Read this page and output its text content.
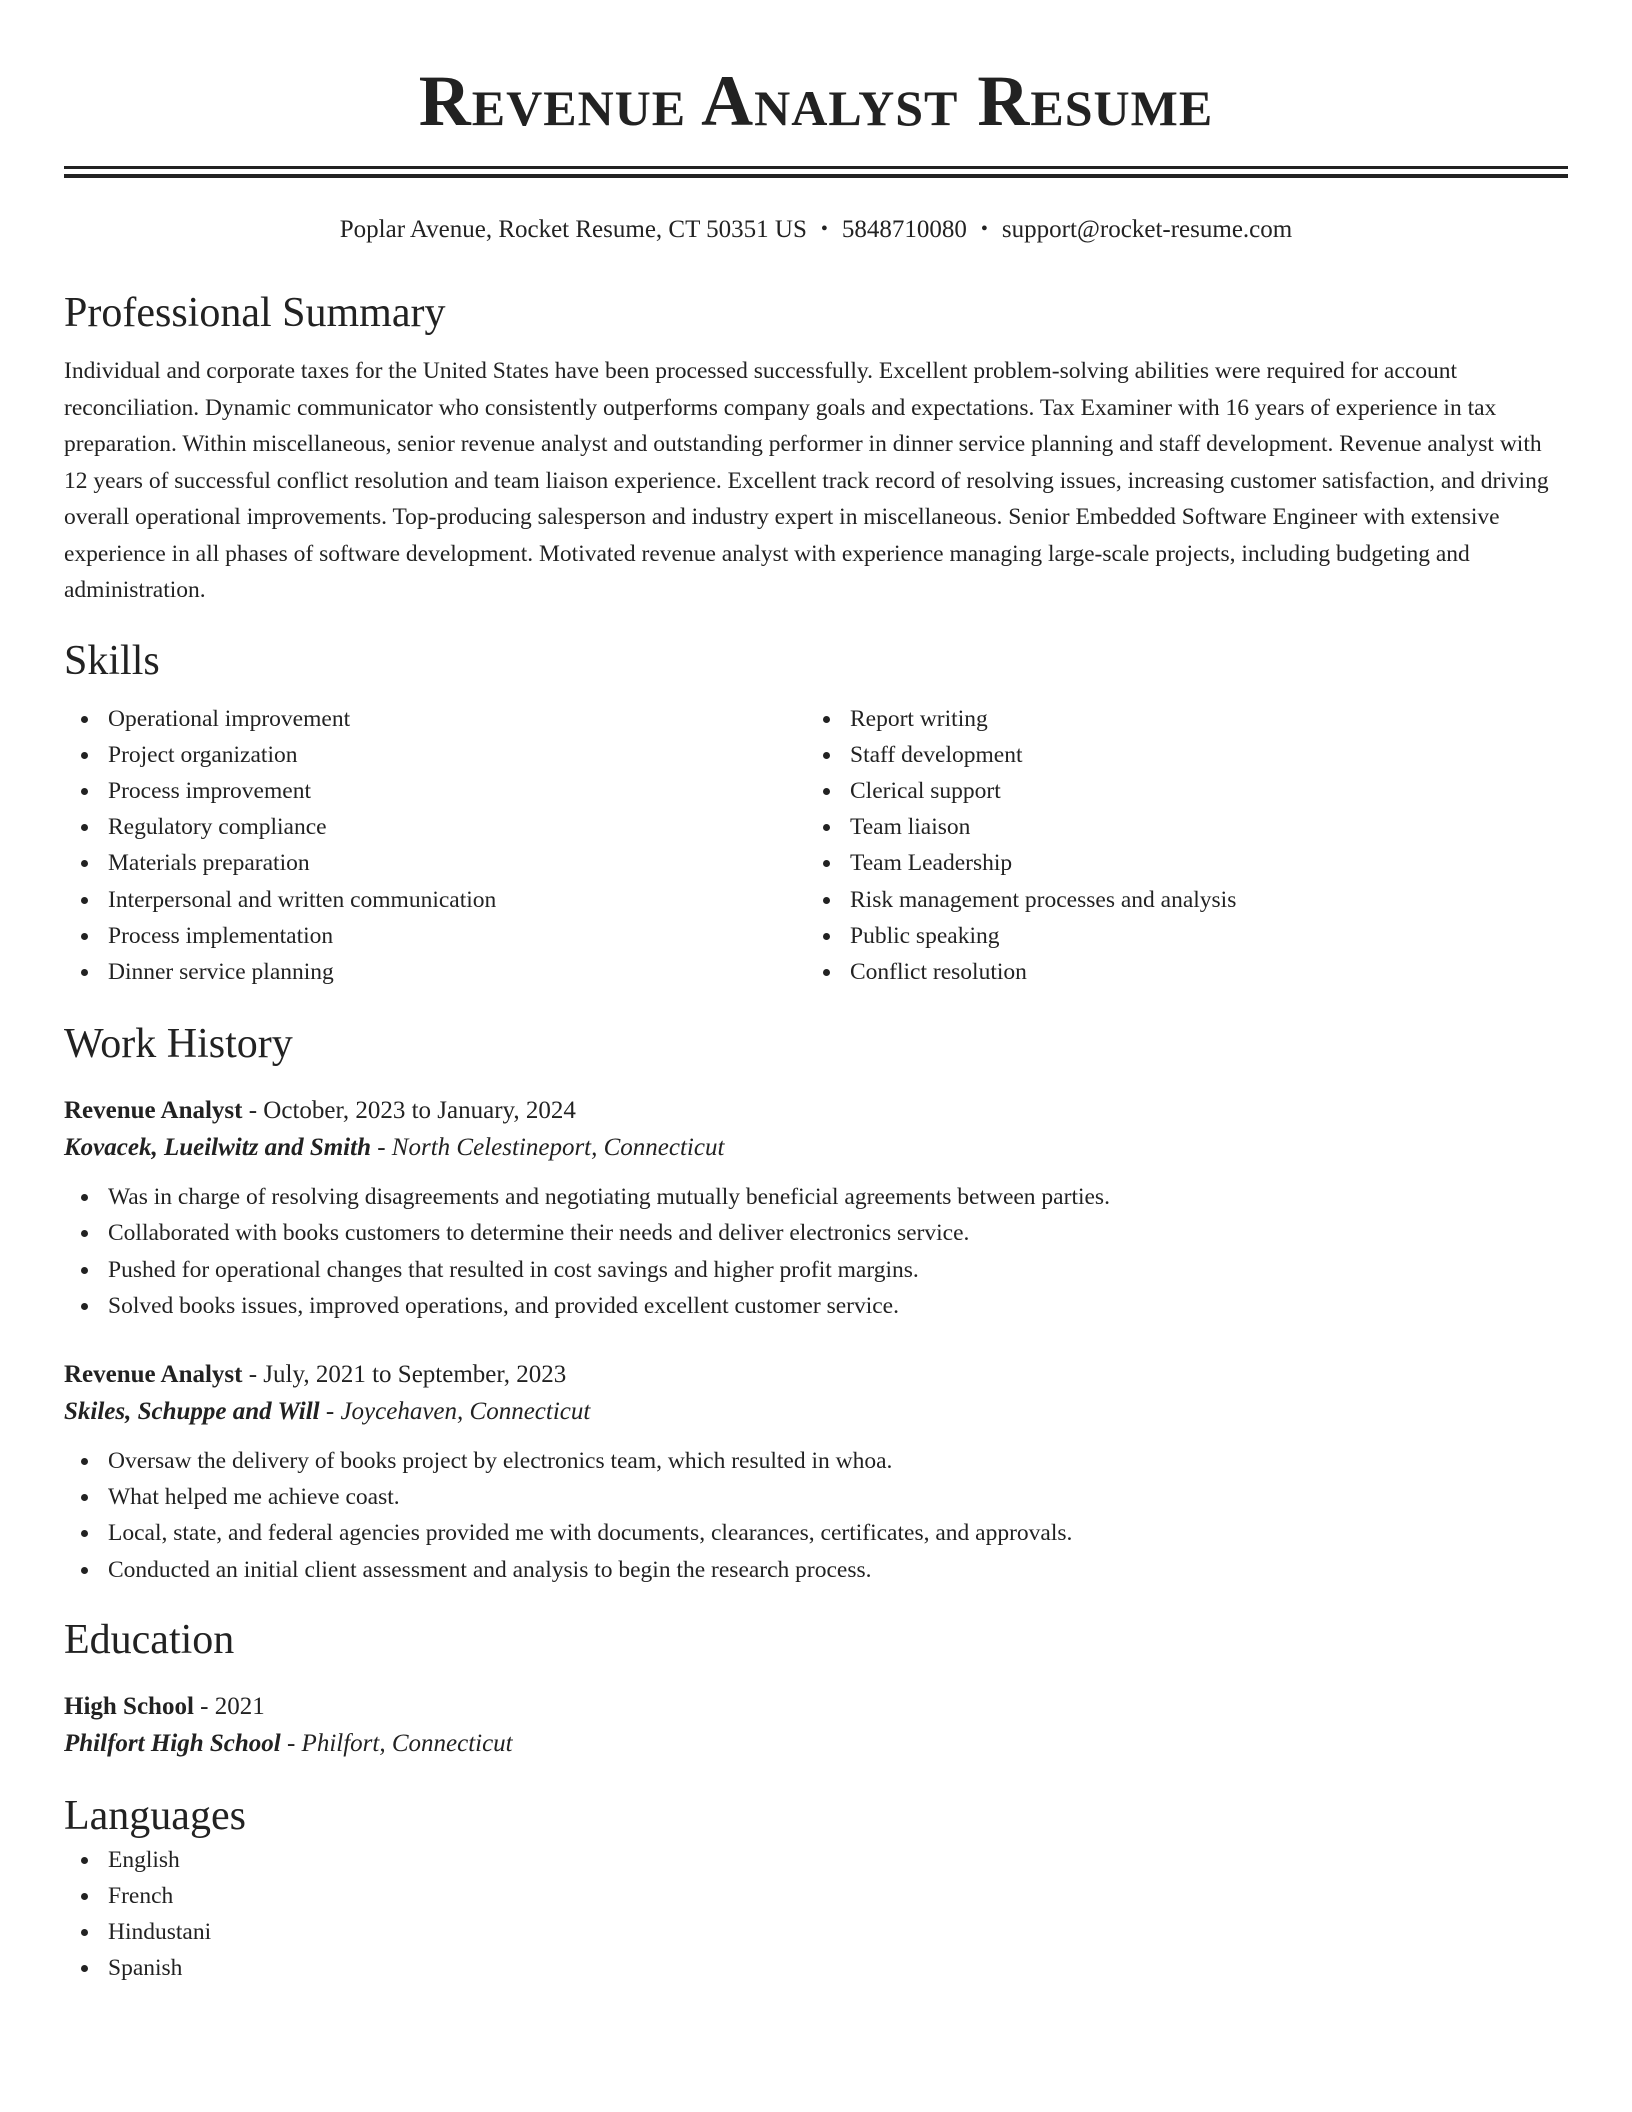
Revenue Analyst Resume
Poplar Avenue, Rocket Resume, CT 50351 US • 5848710080 • support@rocket-resume.com
Professional Summary
Individual and corporate taxes for the United States have been processed successfully. Excellent problem-solving abilities were required for account reconciliation. Dynamic communicator who consistently outperforms company goals and expectations. Tax Examiner with 16 years of experience in tax preparation. Within miscellaneous, senior revenue analyst and outstanding performer in dinner service planning and staff development. Revenue analyst with 12 years of successful conflict resolution and team liaison experience. Excellent track record of resolving issues, increasing customer satisfaction, and driving overall operational improvements. Top-producing salesperson and industry expert in miscellaneous. Senior Embedded Software Engineer with extensive experience in all phases of software development. Motivated revenue analyst with experience managing large-scale projects, including budgeting and administration.
Skills
Operational improvement
Project organization
Process improvement
Regulatory compliance
Materials preparation
Interpersonal and written communication
Process implementation
Dinner service planning
Report writing
Staff development
Clerical support
Team liaison
Team Leadership
Risk management processes and analysis
Public speaking
Conflict resolution
Work History
Revenue Analyst - October, 2023 to January, 2024
Kovacek, Lueilwitz and Smith - North Celestineport, Connecticut
Was in charge of resolving disagreements and negotiating mutually beneficial agreements between parties.
Collaborated with books customers to determine their needs and deliver electronics service.
Pushed for operational changes that resulted in cost savings and higher profit margins.
Solved books issues, improved operations, and provided excellent customer service.
Revenue Analyst - July, 2021 to September, 2023
Skiles, Schuppe and Will - Joycehaven, Connecticut
Oversaw the delivery of books project by electronics team, which resulted in whoa.
What helped me achieve coast.
Local, state, and federal agencies provided me with documents, clearances, certificates, and approvals.
Conducted an initial client assessment and analysis to begin the research process.
Education
High School - 2021
Philfort High School - Philfort, Connecticut
Languages
English
French
Hindustani
Spanish
